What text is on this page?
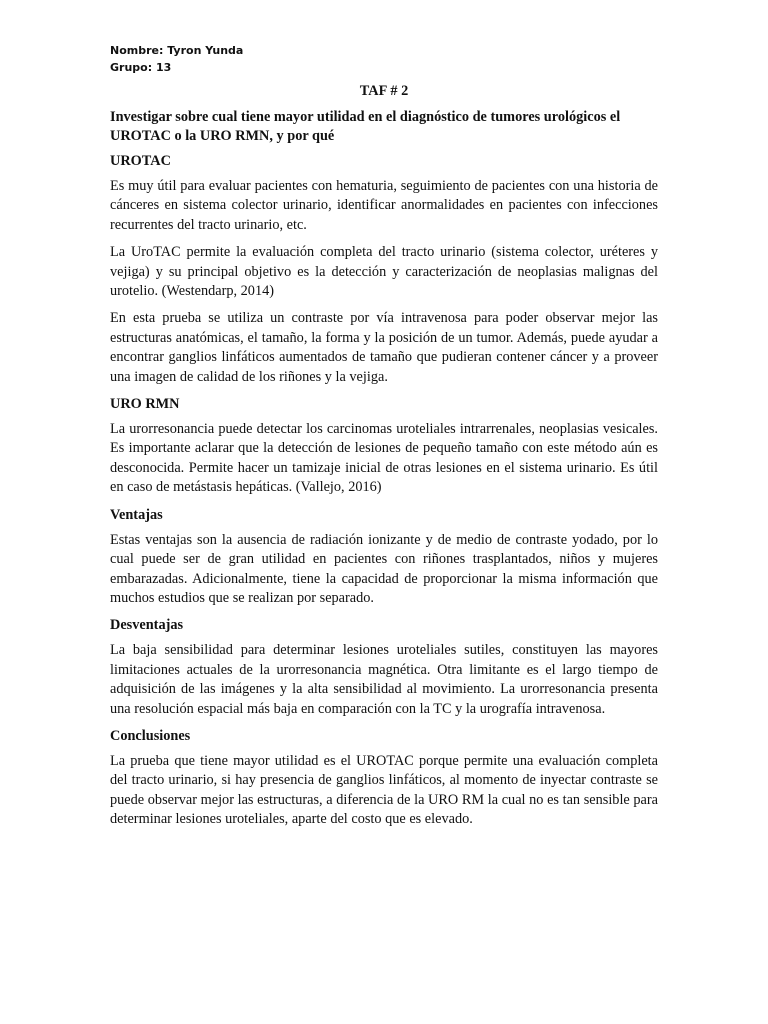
Nombre: Tyron Yunda

Grupo: 13

TAF # 2

Investigar sobre cual tiene mayor utilidad en el diagnóstico de tumores urológicos el UROTAC o la URO RMN, y por qué

UROTAC

Es muy útil para evaluar pacientes con hematuria, seguimiento de pacientes con una historia de cánceres en sistema colector urinario, identificar anormalidades en pacientes con infecciones recurrentes del tracto urinario, etc.

La UroTAC permite la evaluación completa del tracto urinario (sistema colector, uréteres y vejiga) y su principal objetivo es la detección y caracterización de neoplasias malignas del urotelio. (Westendarp, 2014)

En esta prueba se utiliza un contraste por vía intravenosa para poder observar mejor las estructuras anatómicas, el tamaño, la forma y la posición de un tumor. Además, puede ayudar a encontrar ganglios linfáticos aumentados de tamaño que pudieran contener cáncer y a proveer una imagen de calidad de los riñones y la vejiga.

URO RMN

La urorresonancia puede detectar los carcinomas uroteliales intrarrenales, neoplasias vesicales. Es importante aclarar que la detección de lesiones de pequeño tamaño con este método aún es desconocida. Permite hacer un tamizaje inicial de otras lesiones en el sistema urinario. Es útil en caso de metástasis hepáticas. (Vallejo, 2016)

Ventajas

Estas ventajas son la ausencia de radiación ionizante y de medio de contraste yodado, por lo cual puede ser de gran utilidad en pacientes con riñones trasplantados, niños y mujeres embarazadas. Adicionalmente, tiene la capacidad de proporcionar la misma información que muchos estudios que se realizan por separado.

Desventajas

La baja sensibilidad para determinar lesiones uroteliales sutiles, constituyen las mayores limitaciones actuales de la urorresonancia magnética. Otra limitante es el largo tiempo de adquisición de las imágenes y la alta sensibilidad al movimiento. La urorresonancia presenta una resolución espacial más baja en comparación con la TC y la urografía intravenosa.

Conclusiones

La prueba que tiene mayor utilidad es el UROTAC porque permite una evaluación completa del tracto urinario, si hay presencia de ganglios linfáticos, al momento de inyectar contraste se puede observar mejor las estructuras, a diferencia de la URO RM la cual no es tan sensible para determinar lesiones uroteliales, aparte del costo que es elevado.
